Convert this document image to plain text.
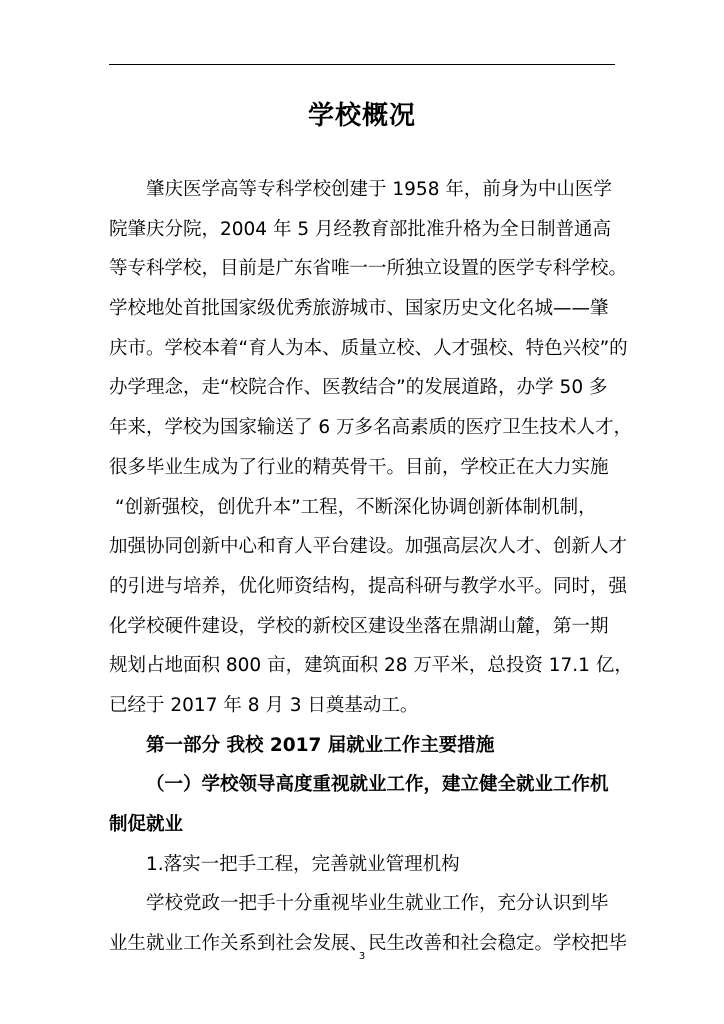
学校概况
肇庆医学高等专科学校创建于 1958 年，前身为中山医学
院肇庆分院，2004 年 5 月经教育部批准升格为全日制普通高
等专科学校，目前是广东省唯一一所独立设置的医学专科学校。
学校地处首批国家级优秀旅游城市、国家历史文化名城——肇
庆市。学校本着“育人为本、质量立校、人才强校、特色兴校”的
办学理念，走“校院合作、医教结合”的发展道路，办学 50 多
年来，学校为国家输送了 6 万多名高素质的医疗卫生技术人才，
很多毕业生成为了行业的精英骨干。目前，学校正在大力实施
“创新强校，创优升本”工程，不断深化协调创新体制机制，
加强协同创新中心和育人平台建设。加强高层次人才、创新人才
的引进与培养，优化师资结构，提高科研与教学水平。同时，强
化学校硬件建设，学校的新校区建设坐落在鼎湖山麓，第一期
规划占地面积 800 亩，建筑面积 28 万平米，总投资 17.1 亿，
已经于 2017 年 8 月 3 日奠基动工。
第一部分 我校 2017 届就业工作主要措施
（一）学校领导高度重视就业工作，建立健全就业工作机
制促就业
1.落实一把手工程，完善就业管理机构
学校党政一把手十分重视毕业生就业工作，充分认识到毕
业生就业工作关系到社会发展、民生改善和社会稳定。学校把毕
3
